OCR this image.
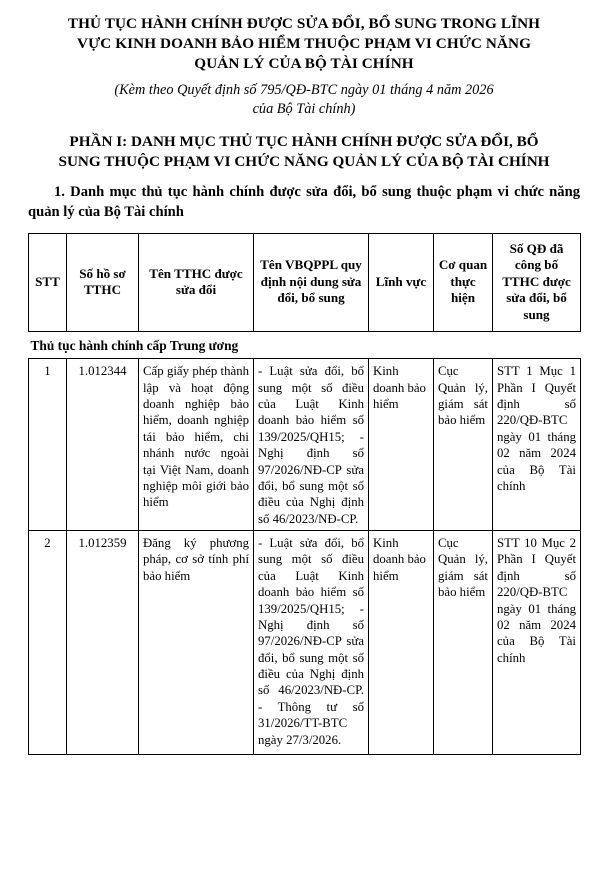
THỦ TỤC HÀNH CHÍNH ĐƯỢC SỬA ĐỔI, BỔ SUNG TRONG LĨNH
VỰC KINH DOANH BẢO HIỂM THUỘC PHẠM VI CHỨC NĂNG
QUẢN LÝ CỦA BỘ TÀI CHÍNH
(Kèm theo Quyết định số 795/QĐ-BTC ngày 01 tháng 4 năm 2026
của Bộ Tài chính)
PHẦN I: DANH MỤC THỦ TỤC HÀNH CHÍNH ĐƯỢC SỬA ĐỔI, BỔ
SUNG THUỘC PHẠM VI CHỨC NĂNG QUẢN LÝ CỦA BỘ TÀI CHÍNH

1. Danh mục thủ tục hành chính được sửa đổi, bổ sung thuộc phạm vi chức năng quản lý của Bộ Tài chính

STT	Số hồ sơ TTHC	Tên TTHC được sửa đổi	Tên VBQPPL quy định nội dung sửa đổi, bổ sung	Lĩnh vực	Cơ quan thực hiện	Số QĐ đã công bố TTHC được sửa đổi, bổ sung
Thủ tục hành chính cấp Trung ương						
1	1.012344	Cấp giấy phép thành lập và hoạt động doanh nghiệp bảo hiểm, doanh nghiệp tái bảo hiểm, chi nhánh nước ngoài tại Việt Nam, doanh nghiệp môi giới bảo hiểm	- Luật sửa đổi, bổ sung một số điều của Luật Kinh doanh bảo hiểm số 139/2025/QH15; - Nghị định số 97/2026/NĐ-CP sửa đổi, bổ sung một số điều của Nghị định số 46/2023/NĐ-CP.	Kinh doanh bảo hiểm	Cục Quản lý, giám sát bảo hiểm	STT 1 Mục 1 Phần I Quyết định số 220/QĐ-BTC ngày 01 tháng 02 năm 2024 của Bộ Tài chính
2	1.012359	Đăng ký phương pháp, cơ sở tính phí bảo hiểm	- Luật sửa đổi, bổ sung một số điều của Luật Kinh doanh bảo hiểm số 139/2025/QH15; - Nghị định số 97/2026/NĐ-CP sửa đổi, bổ sung một số điều của Nghị định số 46/2023/NĐ-CP. - Thông tư số 31/2026/TT-BTC ngày 27/3/2026.	Kinh doanh bảo hiểm	Cục Quản lý, giám sát bảo hiểm	STT 10 Mục 2 Phần I Quyết định số 220/QĐ-BTC ngày 01 tháng 02 năm 2024 của Bộ Tài chính
